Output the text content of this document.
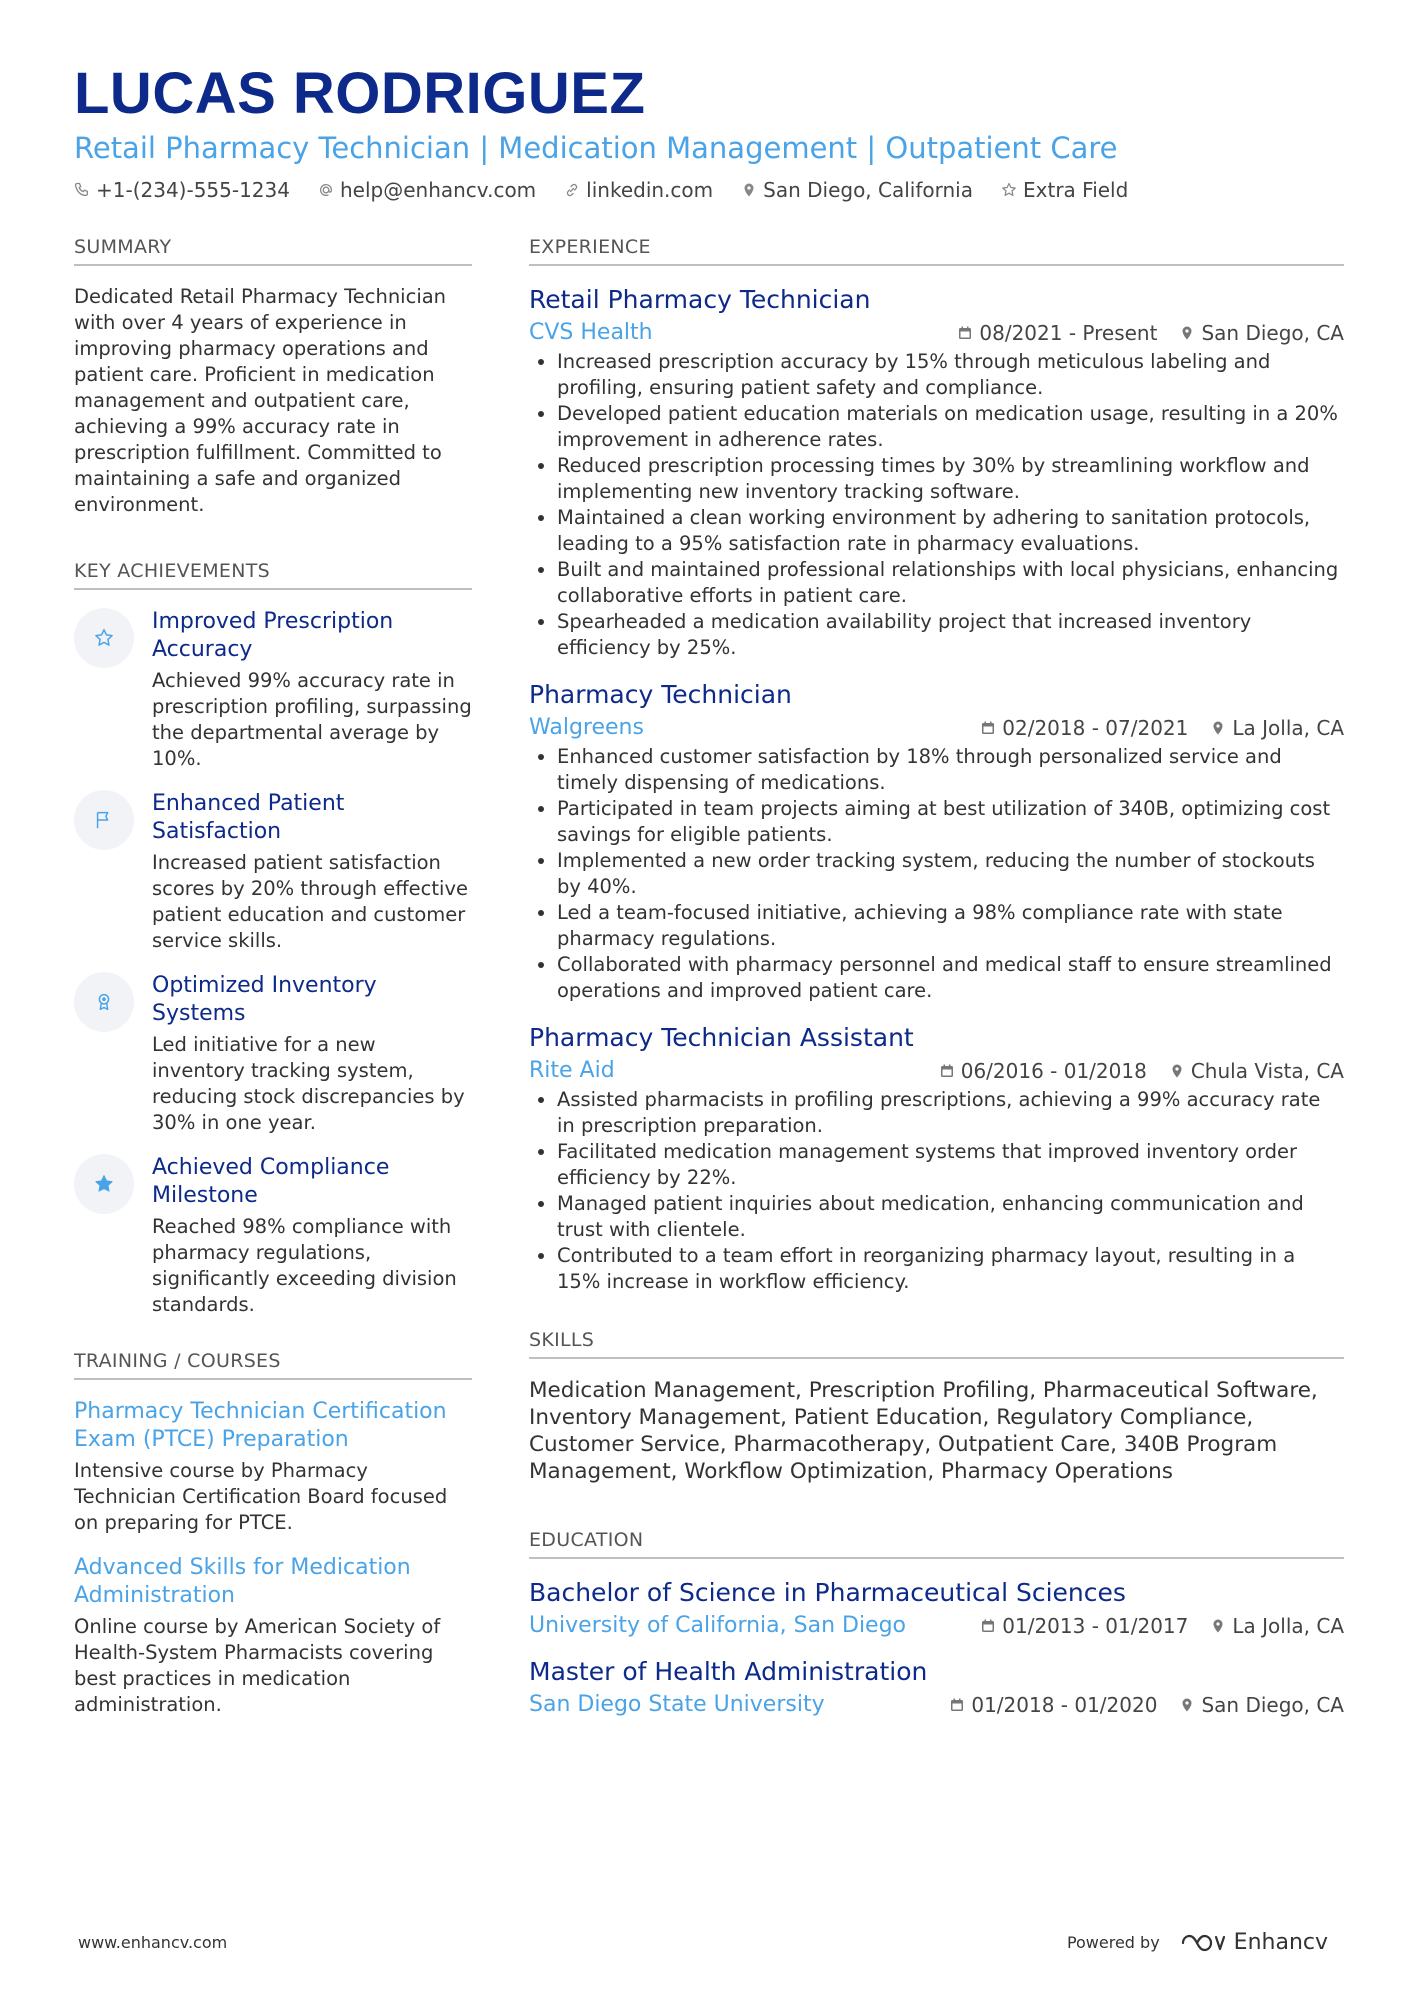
LUCAS RODRIGUEZ
Retail Pharmacy Technician | Medication Management | Outpatient Care
+1-(234)-555-1234	help@enhancv.com	linkedin.com	San Diego, California	Extra Field
SUMMARY
Dedicated Retail Pharmacy Technician with over 4 years of experience in improving pharmacy operations and patient care. Proficient in medication management and outpatient care, achieving a 99% accuracy rate in prescription fulfillment. Committed to maintaining a safe and organized environment.
KEY ACHIEVEMENTS
Improved Prescription Accuracy
Achieved 99% accuracy rate in prescription profiling, surpassing the departmental average by 10%.
Enhanced Patient Satisfaction
Increased patient satisfaction scores by 20% through effective patient education and customer service skills.
Optimized Inventory Systems
Led initiative for a new inventory tracking system, reducing stock discrepancies by 30% in one year.
Achieved Compliance Milestone
Reached 98% compliance with pharmacy regulations, significantly exceeding division standards.
TRAINING / COURSES
Pharmacy Technician Certification Exam (PTCE) Preparation
Intensive course by Pharmacy Technician Certification Board focused on preparing for PTCE.
Advanced Skills for Medication Administration
Online course by American Society of Health-System Pharmacists covering best practices in medication administration.
EXPERIENCE
Retail Pharmacy Technician
CVS Health	08/2021 - Present San Diego, CA
• Increased prescription accuracy by 15% through meticulous labeling and profiling, ensuring patient safety and compliance.
• Developed patient education materials on medication usage, resulting in a 20% improvement in adherence rates.
• Reduced prescription processing times by 30% by streamlining workflow and implementing new inventory tracking software.
• Maintained a clean working environment by adhering to sanitation protocols, leading to a 95% satisfaction rate in pharmacy evaluations.
• Built and maintained professional relationships with local physicians, enhancing collaborative efforts in patient care.
• Spearheaded a medication availability project that increased inventory efficiency by 25%.
Pharmacy Technician
Walgreens	02/2018 - 07/2021 La Jolla, CA
• Enhanced customer satisfaction by 18% through personalized service and timely dispensing of medications.
• Participated in team projects aiming at best utilization of 340B, optimizing cost savings for eligible patients.
• Implemented a new order tracking system, reducing the number of stockouts by 40%.
• Led a team-focused initiative, achieving a 98% compliance rate with state pharmacy regulations.
• Collaborated with pharmacy personnel and medical staff to ensure streamlined operations and improved patient care.
Pharmacy Technician Assistant
Rite Aid	06/2016 - 01/2018 Chula Vista, CA
• Assisted pharmacists in profiling prescriptions, achieving a 99% accuracy rate in prescription preparation.
• Facilitated medication management systems that improved inventory order efficiency by 22%.
• Managed patient inquiries about medication, enhancing communication and trust with clientele.
• Contributed to a team effort in reorganizing pharmacy layout, resulting in a 15% increase in workflow efficiency.
SKILLS
Medication Management, Prescription Profiling, Pharmaceutical Software, Inventory Management, Patient Education, Regulatory Compliance, Customer Service, Pharmacotherapy, Outpatient Care, 340B Program Management, Workflow Optimization, Pharmacy Operations
EDUCATION
Bachelor of Science in Pharmaceutical Sciences
University of California, San Diego	01/2013 - 01/2017 La Jolla, CA
Master of Health Administration
San Diego State University	01/2018 - 01/2020 San Diego, CA
www.enhancv.com	Powered by	Enhancv
